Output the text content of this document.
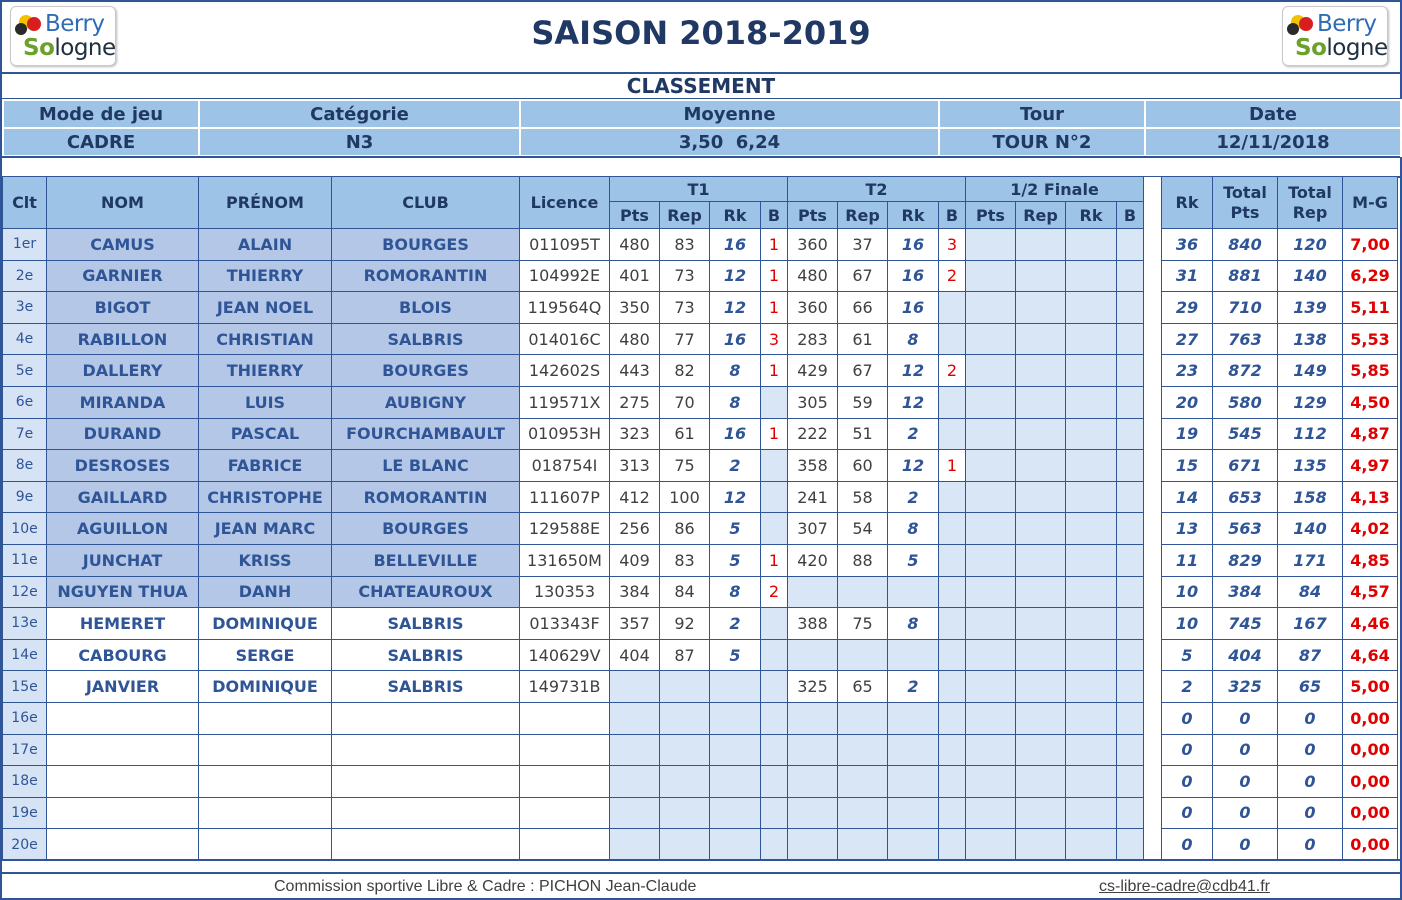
Berry
Sologne	SAISON 2018-2019	Berry
Sologne
CLASSEMENT
Mode de jeu	Catégorie	Moyenne	Tour	Date
CADRE	N3	3,50  6,24	TOUR N°2	12/11/2018
Clt	NOM	PRÉNOM	CLUB	Licence	T1				T2				1/2 Finale					Rk	Total Pts	Total Rep	M-G
					Pts	Rep	Rk	B	Pts	Rep	Rk	B	Pts	Rep	Rk	B					
1er	CAMUS	ALAIN	BOURGES	011095T	480	83	16	1	360	37	16	3						36	840	120	7,00
2e	GARNIER	THIERRY	ROMORANTIN	104992E	401	73	12	1	480	67	16	2						31	881	140	6,29
3e	BIGOT	JEAN NOEL	BLOIS	119564Q	350	73	12	1	360	66	16							29	710	139	5,11
4e	RABILLON	CHRISTIAN	SALBRIS	014016C	480	77	16	3	283	61	8							27	763	138	5,53
5e	DALLERY	THIERRY	BOURGES	142602S	443	82	8	1	429	67	12	2						23	872	149	5,85
6e	MIRANDA	LUIS	AUBIGNY	119571X	275	70	8		305	59	12							20	580	129	4,50
7e	DURAND	PASCAL	FOURCHAMBAULT	010953H	323	61	16	1	222	51	2							19	545	112	4,87
8e	DESROSES	FABRICE	LE BLANC	018754I	313	75	2		358	60	12	1						15	671	135	4,97
9e	GAILLARD	CHRISTOPHE	ROMORANTIN	111607P	412	100	12		241	58	2							14	653	158	4,13
10e	AGUILLON	JEAN MARC	BOURGES	129588E	256	86	5		307	54	8							13	563	140	4,02
11e	JUNCHAT	KRISS	BELLEVILLE	131650M	409	83	5	1	420	88	5							11	829	171	4,85
12e	NGUYEN THUA	DANH	CHATEAUROUX	130353	384	84	8	2										10	384	84	4,57
13e	HEMERET	DOMINIQUE	SALBRIS	013343F	357	92	2		388	75	8							10	745	167	4,46
14e	CABOURG	SERGE	SALBRIS	140629V	404	87	5											5	404	87	4,64
15e	JANVIER	DOMINIQUE	SALBRIS	149731B					325	65	2							2	325	65	5,00
16e																		0	0	0	0,00
17e																		0	0	0	0,00
18e																		0	0	0	0,00
19e																		0	0	0	0,00
20e																		0	0	0	0,00
Commission sportive Libre & Cadre : PICHON Jean-Claude	cs-libre-cadre@cdb41.fr
